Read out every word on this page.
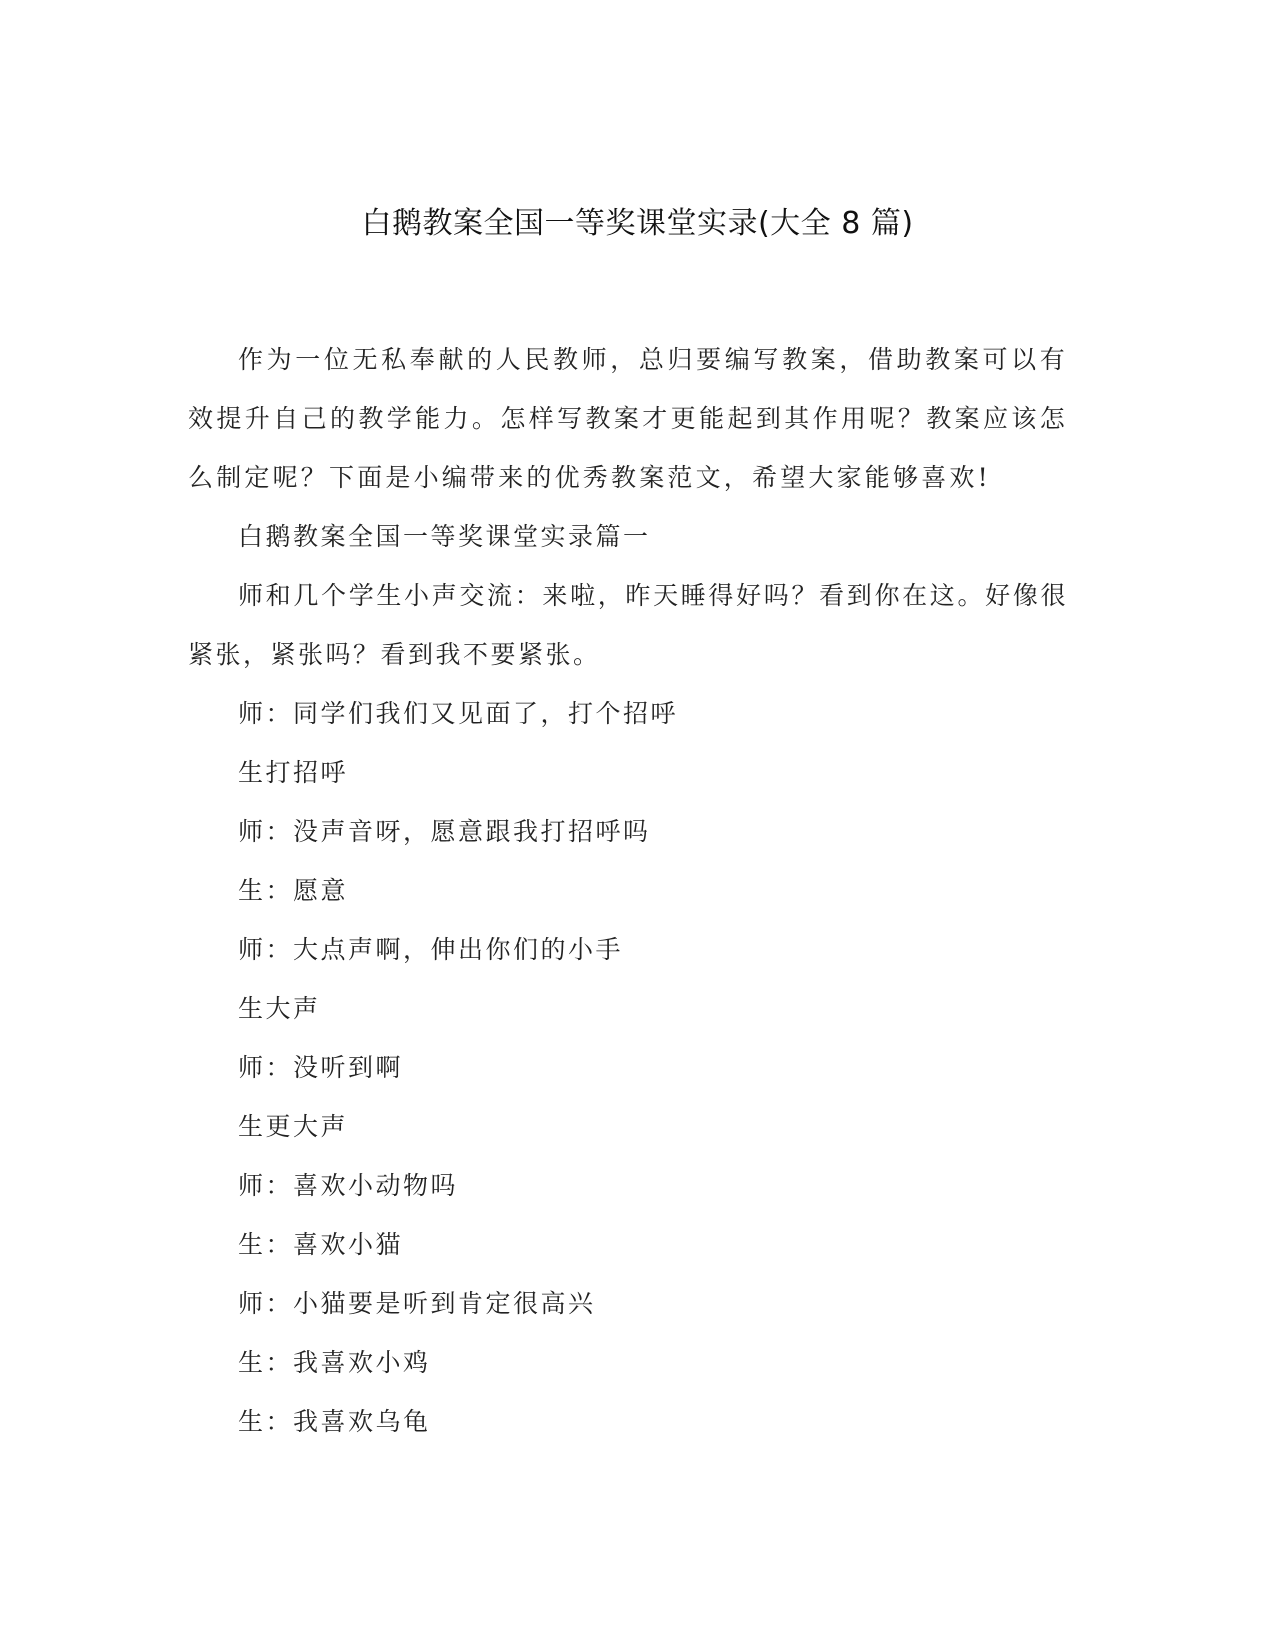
白鹅教案全国一等奖课堂实录(大全 8 篇)

作为一位无私奉献的人民教师，总归要编写教案，借助教案可以有效提升自己的教学能力。怎样写教案才更能起到其作用呢？教案应该怎么制定呢？下面是小编带来的优秀教案范文，希望大家能够喜欢!

白鹅教案全国一等奖课堂实录篇一

师和几个学生小声交流：来啦，昨天睡得好吗？看到你在这。好像很紧张，紧张吗？看到我不要紧张。

师：同学们我们又见面了，打个招呼

生打招呼

师：没声音呀，愿意跟我打招呼吗

生：愿意

师：大点声啊，伸出你们的小手

生大声

师：没听到啊

生更大声

师：喜欢小动物吗

生：喜欢小猫

师：小猫要是听到肯定很高兴

生：我喜欢小鸡

生：我喜欢乌龟
